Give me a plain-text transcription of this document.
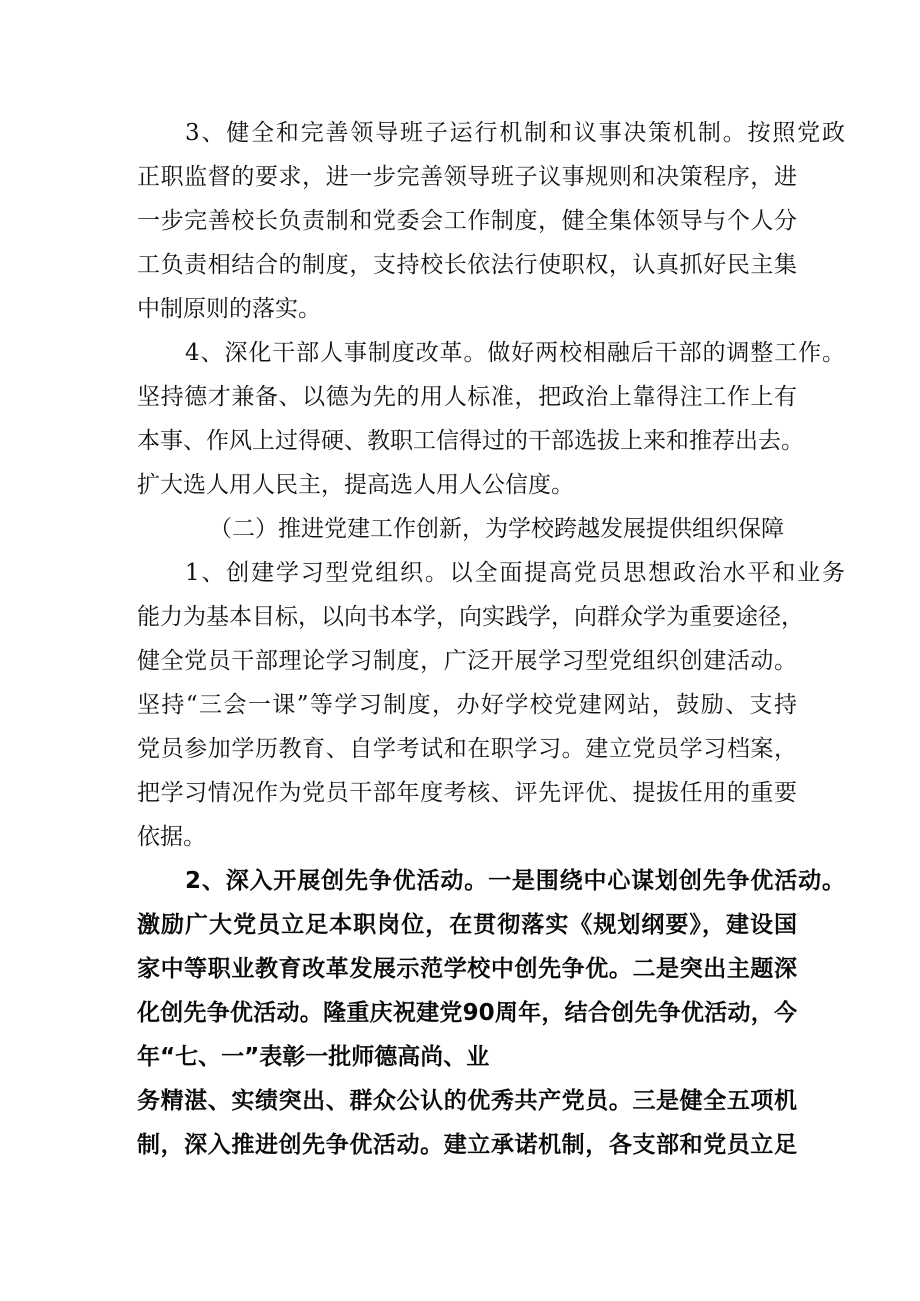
3、健全和完善领导班子运行机制和议事决策机制。按照党政

正职监督的要求，进一步完善领导班子议事规则和决策程序，进

一步完善校长负责制和党委会工作制度，健全集体领导与个人分

工负责相结合的制度，支持校长依法行使职权，认真抓好民主集

中制原则的落实。

4、深化干部人事制度改革。做好两校相融后干部的调整工作。

坚持德才兼备、以德为先的用人标准，把政治上靠得注工作上有

本事、作风上过得硬、教职工信得过的干部选拔上来和推荐出去。

扩大选人用人民主，提高选人用人公信度。

（二）推进党建工作创新，为学校跨越发展提供组织保障

1、创建学习型党组织。以全面提高党员思想政治水平和业务

能力为基本目标，以向书本学，向实践学，向群众学为重要途径，

健全党员干部理论学习制度，广泛开展学习型党组织创建活动。

坚持“三会一课”等学习制度，办好学校党建网站，鼓励、支持

党员参加学历教育、自学考试和在职学习。建立党员学习档案，

把学习情况作为党员干部年度考核、评先评优、提拔任用的重要

依据。

2、深入开展创先争优活动。一是围绕中心谋划创先争优活动。

激励广大党员立足本职岗位，在贯彻落实《规划纲要》，建设国

家中等职业教育改革发展示范学校中创先争优。二是突出主题深

化创先争优活动。隆重庆祝建党90周年，结合创先争优活动，今

年“七、一”表彰一批师德高尚、业

务精湛、实绩突出、群众公认的优秀共产党员。三是健全五项机

制，深入推进创先争优活动。建立承诺机制，各支部和党员立足
